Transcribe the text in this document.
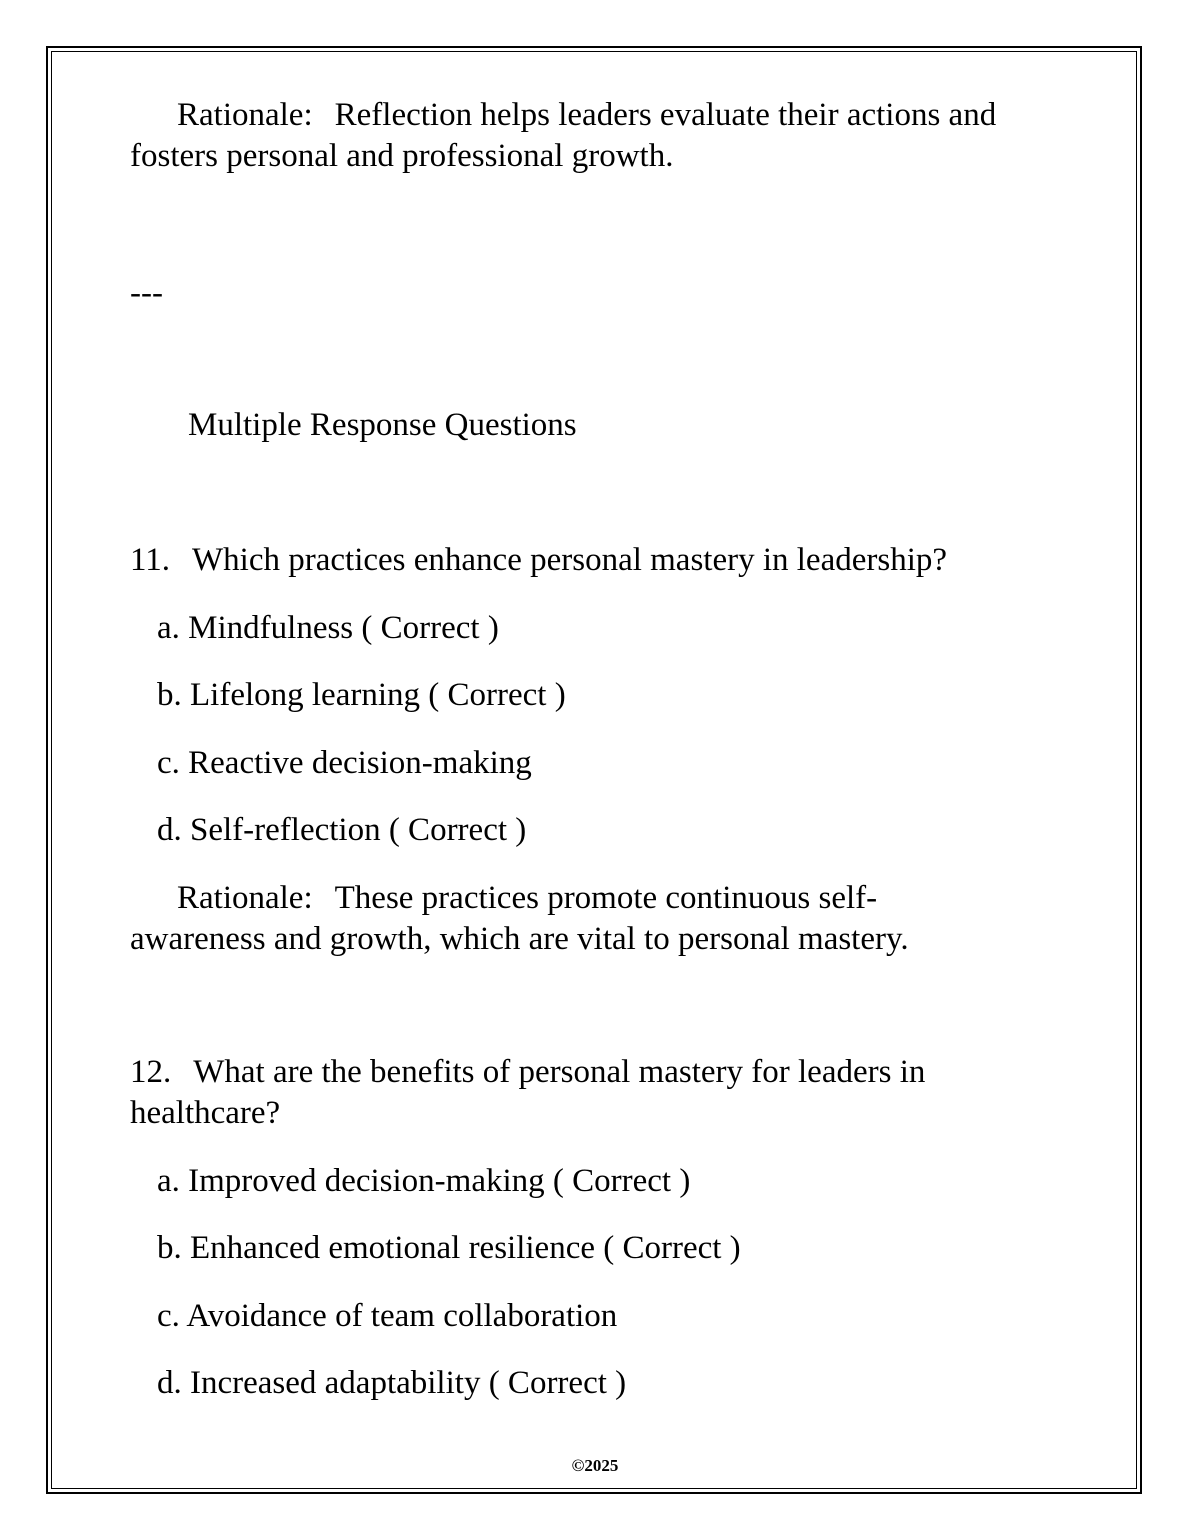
Rationale: Reflection helps leaders evaluate their actions and
fosters personal and professional growth.
---
Multiple Response Questions
11. Which practices enhance personal mastery in leadership?
a. Mindfulness ( Correct )
b. Lifelong learning ( Correct )
c. Reactive decision-making
d. Self-reflection ( Correct )
Rationale: These practices promote continuous self-
awareness and growth, which are vital to personal mastery.
12. What are the benefits of personal mastery for leaders in
healthcare?
a. Improved decision-making ( Correct )
b. Enhanced emotional resilience ( Correct )
c. Avoidance of team collaboration
d. Increased adaptability ( Correct )
©2025
